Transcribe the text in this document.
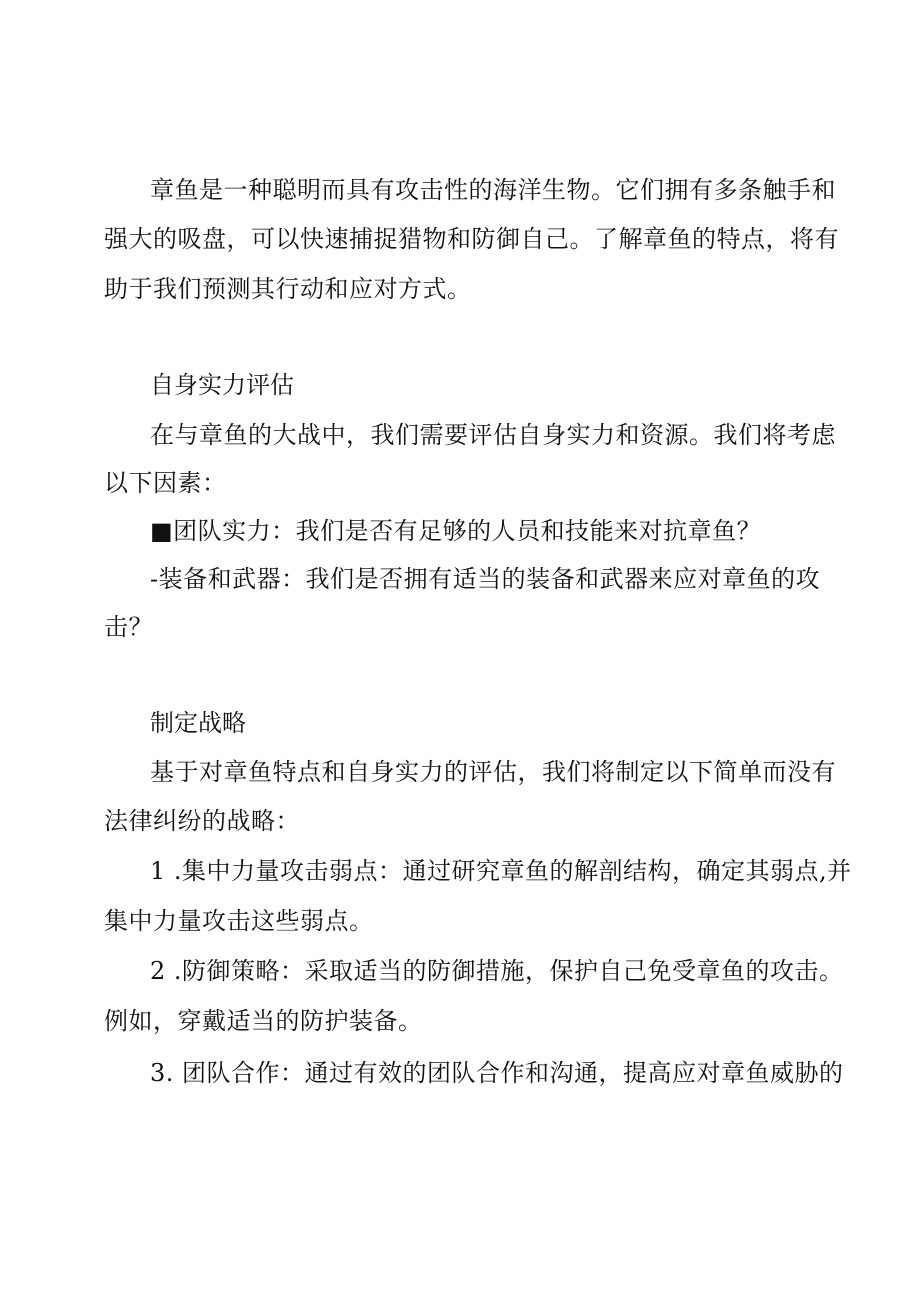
章鱼是一种聪明而具有攻击性的海洋生物。它们拥有多条触手和
强大的吸盘，可以快速捕捉猎物和防御自己。了解章鱼的特点，将有
助于我们预测其行动和应对方式。
自身实力评估
在与章鱼的大战中，我们需要评估自身实力和资源。我们将考虑
以下因素：
■团队实力：我们是否有足够的人员和技能来对抗章鱼？
-装备和武器：我们是否拥有适当的装备和武器来应对章鱼的攻
击？
制定战略
基于对章鱼特点和自身实力的评估，我们将制定以下简单而没有
法律纠纷的战略：
1 .集中力量攻击弱点：通过研究章鱼的解剖结构，确定其弱点,并
集中力量攻击这些弱点。
2 .防御策略：采取适当的防御措施，保护自己免受章鱼的攻击。
例如，穿戴适当的防护装备。
3. 团队合作：通过有效的团队合作和沟通，提高应对章鱼威胁的
